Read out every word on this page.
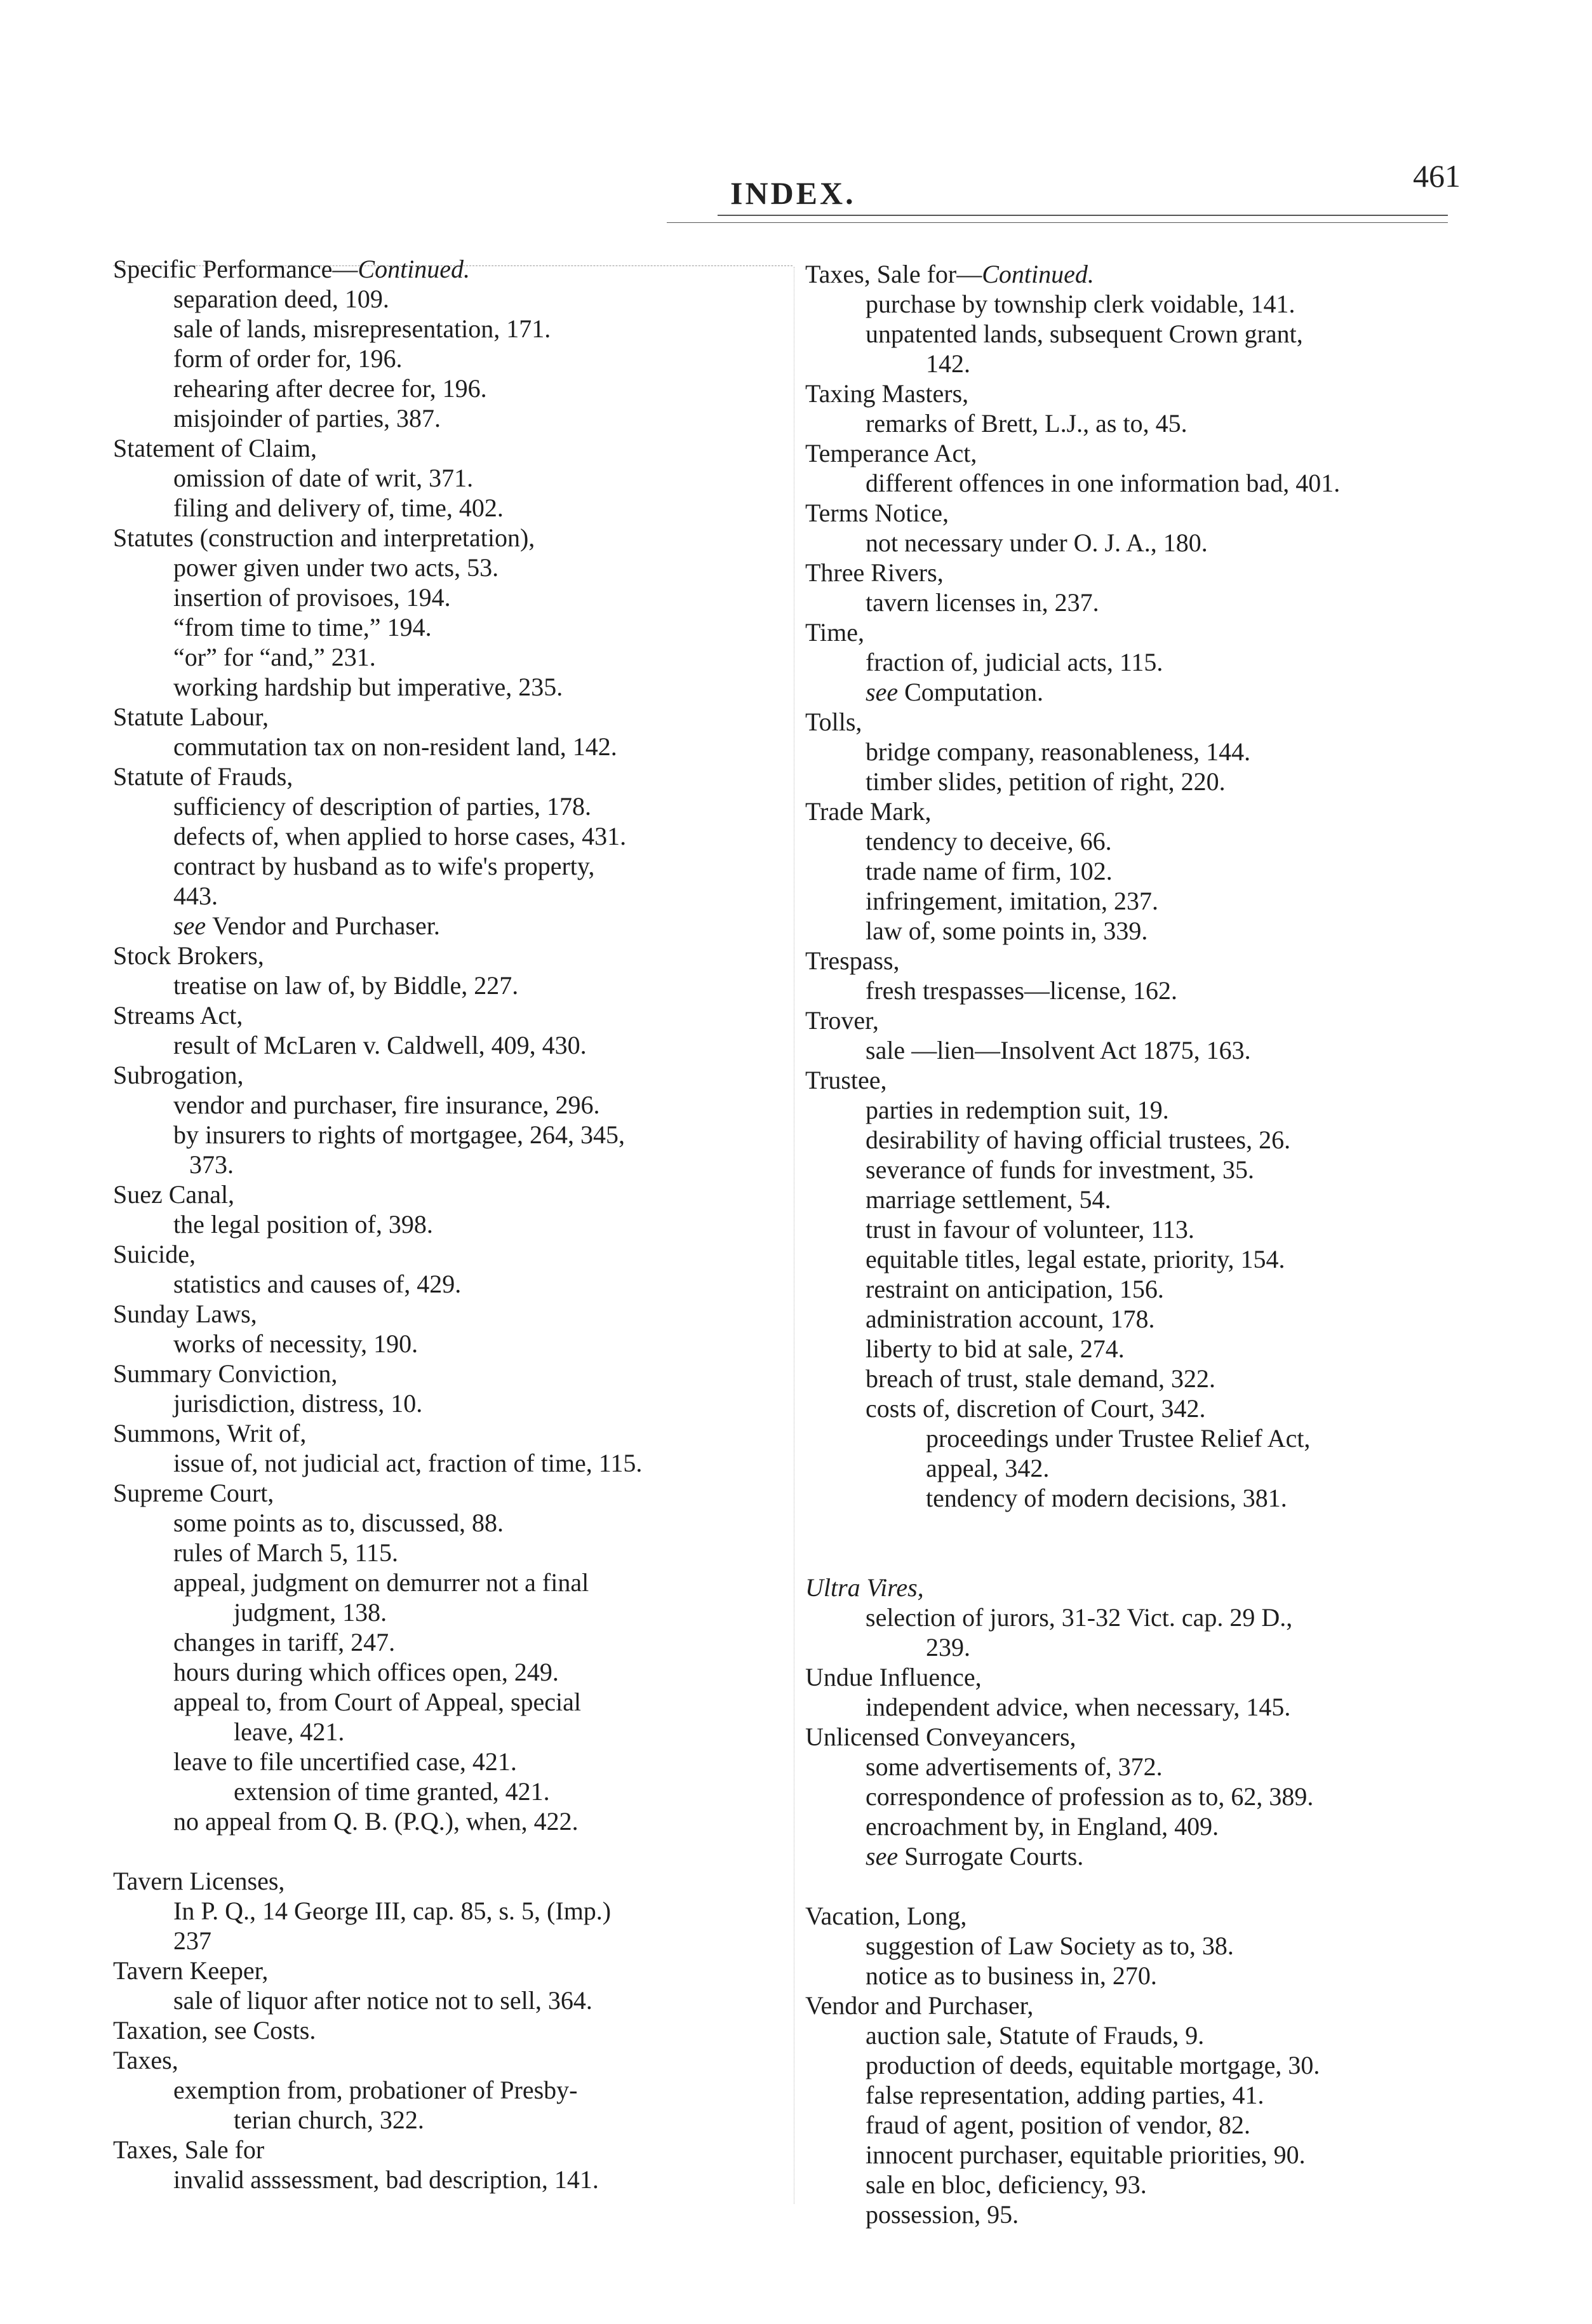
INDEX.	461
Specific Performance—Continued.
separation deed, 109.
sale of lands, misrepresentation, 171.
form of order for, 196.
rehearing after decree for, 196.
misjoinder of parties, 387.
Statement of Claim,
omission of date of writ, 371.
filing and delivery of, time, 402.
Statutes (construction and interpretation),
power given under two acts, 53.
insertion of provisoes, 194.
“from time to time,” 194.
“or” for “and,” 231.
working hardship but imperative, 235.
Statute Labour,
commutation tax on non-resident land, 142.
Statute of Frauds,
sufficiency of description of parties, 178.
defects of, when applied to horse cases, 431.
contract by husband as to wife's property,
443.
see Vendor and Purchaser.
Stock Brokers,
treatise on law of, by Biddle, 227.
Streams Act,
result of McLaren v. Caldwell, 409, 430.
Subrogation,
vendor and purchaser, fire insurance, 296.
by insurers to rights of mortgagee, 264, 345,
373.
Suez Canal,
the legal position of, 398.
Suicide,
statistics and causes of, 429.
Sunday Laws,
works of necessity, 190.
Summary Conviction,
jurisdiction, distress, 10.
Summons, Writ of,
issue of, not judicial act, fraction of time, 115.
Supreme Court,
some points as to, discussed, 88.
rules of March 5, 115.
appeal, judgment on demurrer not a final
judgment, 138.
changes in tariff, 247.
hours during which offices open, 249.
appeal to, from Court of Appeal, special
leave, 421.
leave to file uncertified case, 421.
extension of time granted, 421.
no appeal from Q. B. (P.Q.), when, 422.
Tavern Licenses,
In P. Q., 14 George III, cap. 85, s. 5, (Imp.)
237
Tavern Keeper,
sale of liquor after notice not to sell, 364.
Taxation, see Costs.
Taxes,
exemption from, probationer of Presby-
terian church, 322.
Taxes, Sale for
invalid asssessment, bad description, 141.
Taxes, Sale for—Continued.
purchase by township clerk voidable, 141.
unpatented lands, subsequent Crown grant,
142.
Taxing Masters,
remarks of Brett, L.J., as to, 45.
Temperance Act,
different offences in one information bad, 401.
Terms Notice,
not necessary under O. J. A., 180.
Three Rivers,
tavern licenses in, 237.
Time,
fraction of, judicial acts, 115.
see Computation.
Tolls,
bridge company, reasonableness, 144.
timber slides, petition of right, 220.
Trade Mark,
tendency to deceive, 66.
trade name of firm, 102.
infringement, imitation, 237.
law of, some points in, 339.
Trespass,
fresh trespasses—license, 162.
Trover,
sale —lien—Insolvent Act 1875, 163.
Trustee,
parties in redemption suit, 19.
desirability of having official trustees, 26.
severance of funds for investment, 35.
marriage settlement, 54.
trust in favour of volunteer, 113.
equitable titles, legal estate, priority, 154.
restraint on anticipation, 156.
administration account, 178.
liberty to bid at sale, 274.
breach of trust, stale demand, 322.
costs of, discretion of Court, 342.
proceedings under Trustee Relief Act,
appeal, 342.
tendency of modern decisions, 381.
Ultra Vires,
selection of jurors, 31-32 Vict. cap. 29 D.,
239.
Undue Influence,
independent advice, when necessary, 145.
Unlicensed Conveyancers,
some advertisements of, 372.
correspondence of profession as to, 62, 389.
encroachment by, in England, 409.
see Surrogate Courts.
Vacation, Long,
suggestion of Law Society as to, 38.
notice as to business in, 270.
Vendor and Purchaser,
auction sale, Statute of Frauds, 9.
production of deeds, equitable mortgage, 30.
false representation, adding parties, 41.
fraud of agent, position of vendor, 82.
innocent purchaser, equitable priorities, 90.
sale en bloc, deficiency, 93.
possession, 95.
